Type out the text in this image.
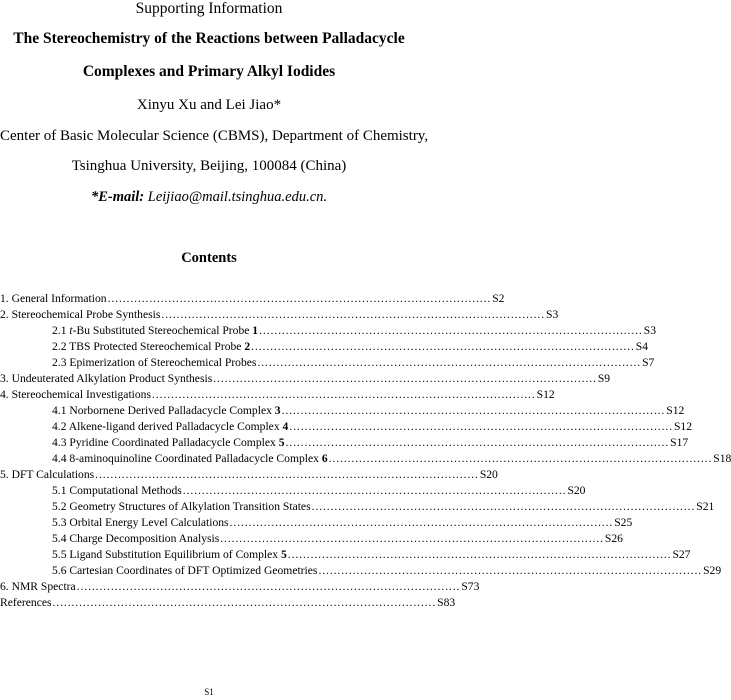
Supporting Information
The Stereochemistry of the Reactions between Palladacycle
Complexes and Primary Alkyl Iodides
Xinyu Xu and Lei Jiao*
Center of Basic Molecular Science (CBMS), Department of Chemistry,
Tsinghua University, Beijing, 100084 (China)
*E-mail: Leijiao@mail.tsinghua.edu.cn.
Contents
1. General Information ..................................................................................................... S2
2. Stereochemical Probe Synthesis ..................................................................................................... S3
2.1 t-Bu Substituted Stereochemical Probe 1 ..................................................................................................... S3
2.2 TBS Protected Stereochemical Probe 2 ..................................................................................................... S4
2.3 Epimerization of Stereochemical Probes ..................................................................................................... S7
3. Undeuterated Alkylation Product Synthesis ..................................................................................................... S9
4. Stereochemical Investigations ..................................................................................................... S12
4.1 Norbornene Derived Palladacycle Complex 3 ..................................................................................................... S12
4.2 Alkene-ligand derived Palladacycle Complex 4 ..................................................................................................... S12
4.3 Pyridine Coordinated Palladacycle Complex 5 ..................................................................................................... S17
4.4 8-aminoquinoline Coordinated Palladacycle Complex 6 ..................................................................................................... S18
5. DFT Calculations ..................................................................................................... S20
5.1 Computational Methods ..................................................................................................... S20
5.2 Geometry Structures of Alkylation Transition States ..................................................................................................... S21
5.3 Orbital Energy Level Calculations ..................................................................................................... S25
5.4 Charge Decomposition Analysis ..................................................................................................... S26
5.5 Ligand Substitution Equilibrium of Complex 5 ..................................................................................................... S27
5.6 Cartesian Coordinates of DFT Optimized Geometries ..................................................................................................... S29
6. NMR Spectra ..................................................................................................... S73
References ..................................................................................................... S83
S1
